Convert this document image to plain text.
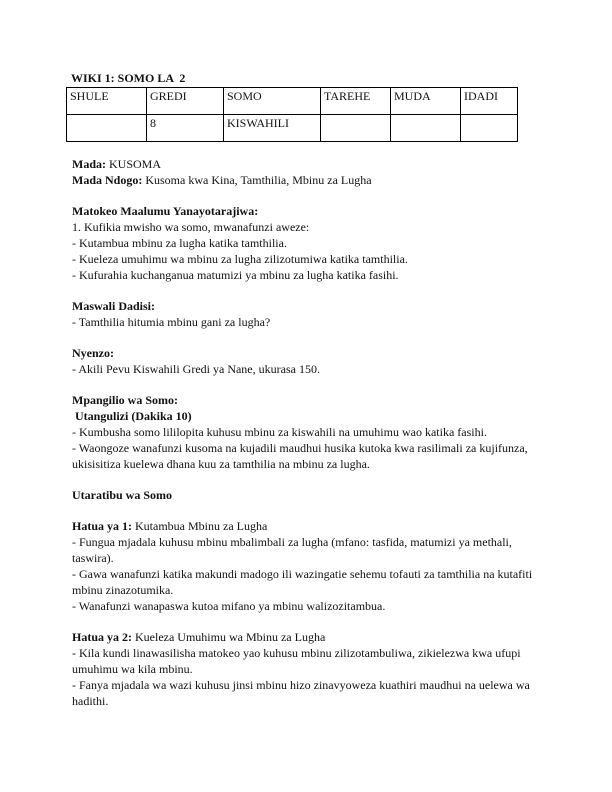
WIKI 1: SOMO LA  2
SHULE	GREDI	SOMO	TAREHE	MUDA	IDADI
	8	KISWAHILI			
Mada: KUSOMA
Mada Ndogo: Kusoma kwa Kina, Tamthilia, Mbinu za Lugha
Matokeo Maalumu Yanayotarajiwa:
1. Kufikia mwisho wa somo, mwanafunzi aweze:
- Kutambua mbinu za lugha katika tamthilia.
- Kueleza umuhimu wa mbinu za lugha zilizotumiwa katika tamthilia.
- Kufurahia kuchanganua matumizi ya mbinu za lugha katika fasihi.
Maswali Dadisi:
- Tamthilia hitumia mbinu gani za lugha?
Nyenzo:
- Akili Pevu Kiswahili Gredi ya Nane, ukurasa 150.
Mpangilio wa Somo:
Utangulizi (Dakika 10)
- Kumbusha somo lililopita kuhusu mbinu za kiswahili na umuhimu wao katika fasihi.
- Waongoze wanafunzi kusoma na kujadili maudhui husika kutoka kwa rasilimali za kujifunza, ukisisitiza kuelewa dhana kuu za tamthilia na mbinu za lugha.
Utaratibu wa Somo
Hatua ya 1: Kutambua Mbinu za Lugha
- Fungua mjadala kuhusu mbinu mbalimbali za lugha (mfano: tasfida, matumizi ya methali, taswira).
- Gawa wanafunzi katika makundi madogo ili wazingatie sehemu tofauti za tamthilia na kutafiti mbinu zinazotumika.
- Wanafunzi wanapaswa kutoa mifano ya mbinu walizozitambua.
Hatua ya 2: Kueleza Umuhimu wa Mbinu za Lugha
- Kila kundi linawasilisha matokeo yao kuhusu mbinu zilizotambuliwa, zikielezwa kwa ufupi umuhimu wa kila mbinu.
- Fanya mjadala wa wazi kuhusu jinsi mbinu hizo zinavyoweza kuathiri maudhui na uelewa wa hadithi.
